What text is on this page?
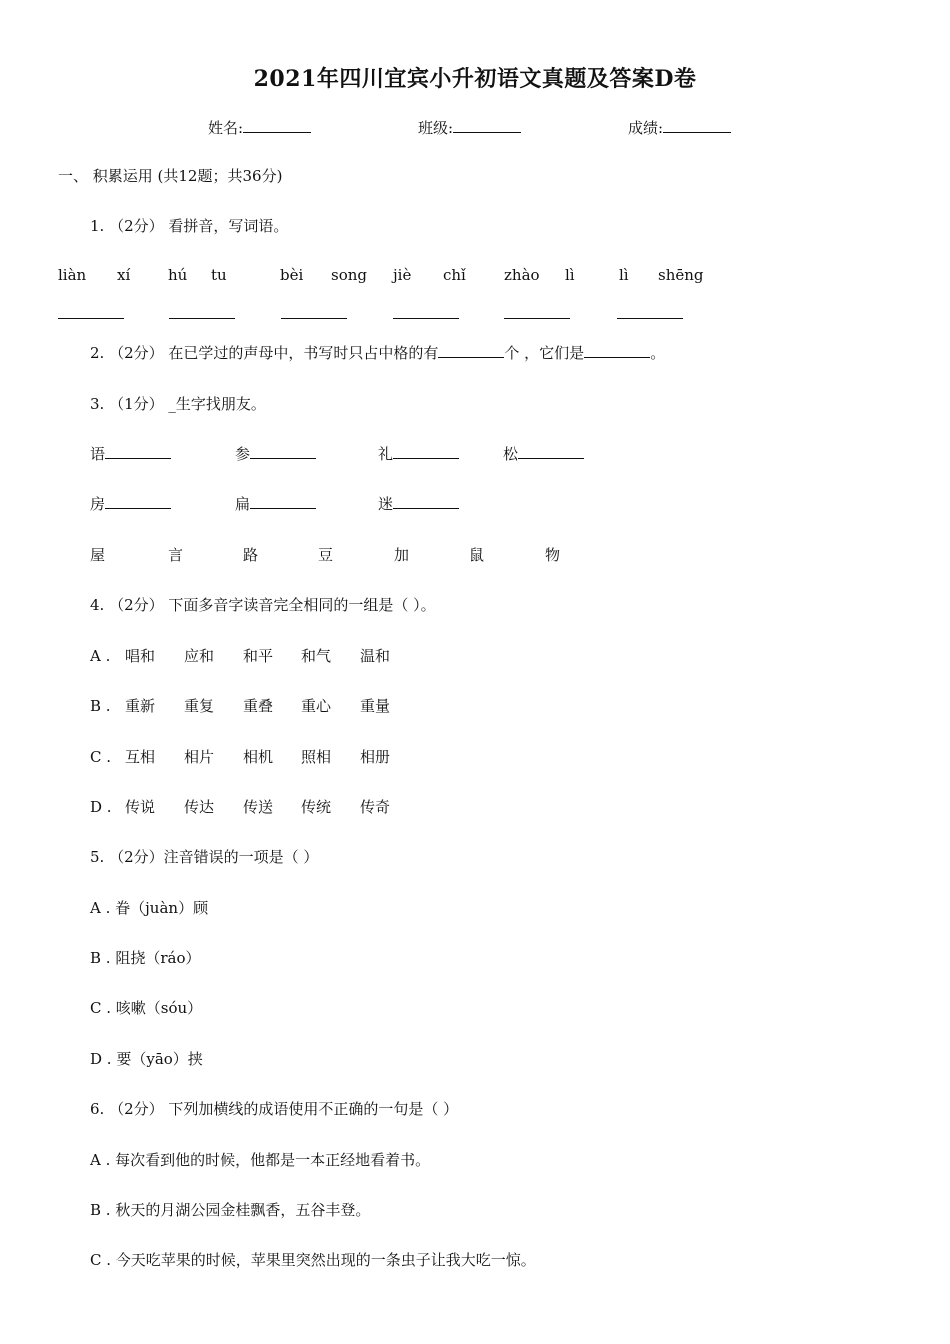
2021年四川宜宾小升初语文真题及答案D卷
姓名:	班级:	成绩:
一、 积累运用 (共12题；共36分)
1. （2分） 看拼音，写词语。
liàn xí	hú tu	bèi song jiè chǐ	zhào lì	lì shēng
2. （2分） 在已学过的声母中，书写时只占中格的有	个 ，它们是	。
3. （1分） _生字找朋友。
语	参	礼	松
房	扁	迷
屋	言	路	豆	加	鼠	物
4. （2分） 下面多音字读音完全相同的一组是（ ）。
A . 唱和 应和 和平 和气 温和
B . 重新 重复 重叠 重心 重量
C . 互相 相片 相机 照相 相册
D . 传说 传达 传送 传统 传奇
5. （2分）注音错误的一项是（ ）
A . 眷（juàn）顾
B . 阻挠（ráo）
C . 咳嗽（sóu）
D . 要（yāo）挟
6. （2分） 下列加横线的成语使用不正确的一句是（ ）
A . 每次看到他的时候，他都是一本正经地看着书。
B . 秋天的月湖公园金桂飘香，五谷丰登。
C . 今天吃苹果的时候，苹果里突然出现的一条虫子让我大吃一惊。
